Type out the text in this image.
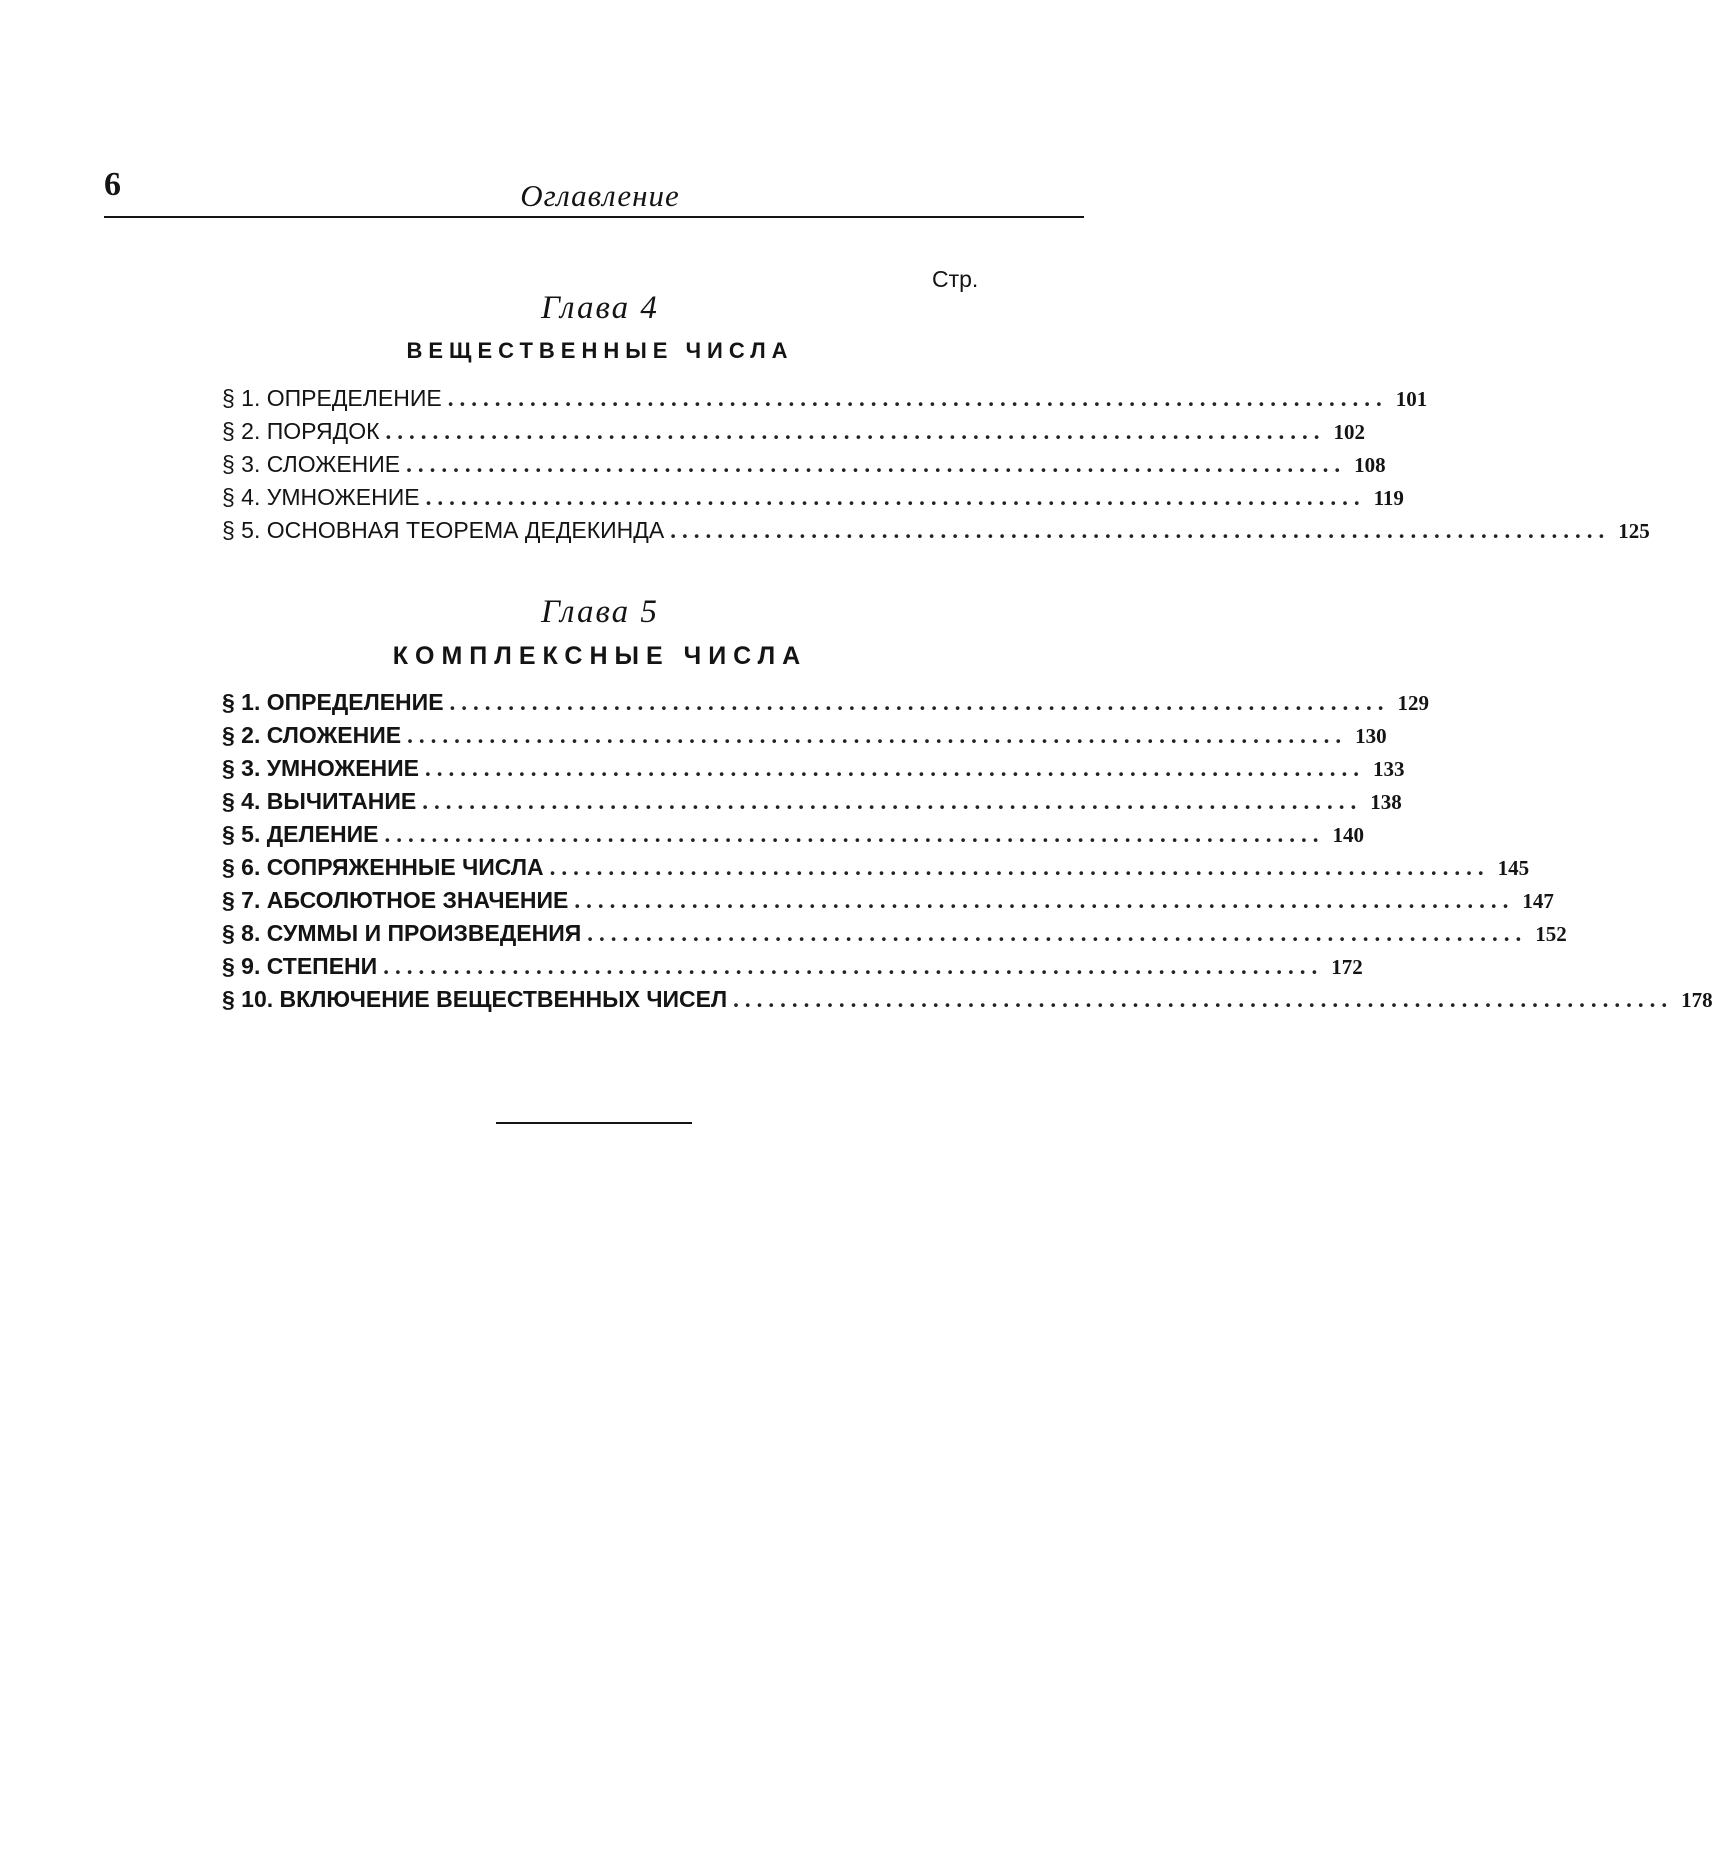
6	Оглавление
Стр.
Глава 4
ВЕЩЕСТВЕННЫЕ ЧИСЛА
§ 1. ОПРЕДЕЛЕНИЕ ................................................................................ 101
§ 2. ПОРЯДОК ................................................................................ 102
§ 3. СЛОЖЕНИЕ ................................................................................ 108
§ 4. УМНОЖЕНИЕ ................................................................................ 119
§ 5. ОСНОВНАЯ ТЕОРЕМА ДЕДЕКИНДА ................................................................................ 125
Глава 5
КОМПЛЕКСНЫЕ ЧИСЛА
§ 1. ОПРЕДЕЛЕНИЕ ................................................................................ 129
§ 2. СЛОЖЕНИЕ ................................................................................ 130
§ 3. УМНОЖЕНИЕ ................................................................................ 133
§ 4. ВЫЧИТАНИЕ ................................................................................ 138
§ 5. ДЕЛЕНИЕ ................................................................................ 140
§ 6. СОПРЯЖЕННЫЕ ЧИСЛА ................................................................................ 145
§ 7. АБСОЛЮТНОЕ ЗНАЧЕНИЕ ................................................................................ 147
§ 8. СУММЫ И ПРОИЗВЕДЕНИЯ ................................................................................ 152
§ 9. СТЕПЕНИ ................................................................................ 172
§ 10. ВКЛЮЧЕНИЕ ВЕЩЕСТВЕННЫХ ЧИСЕЛ ................................................................................ 178
